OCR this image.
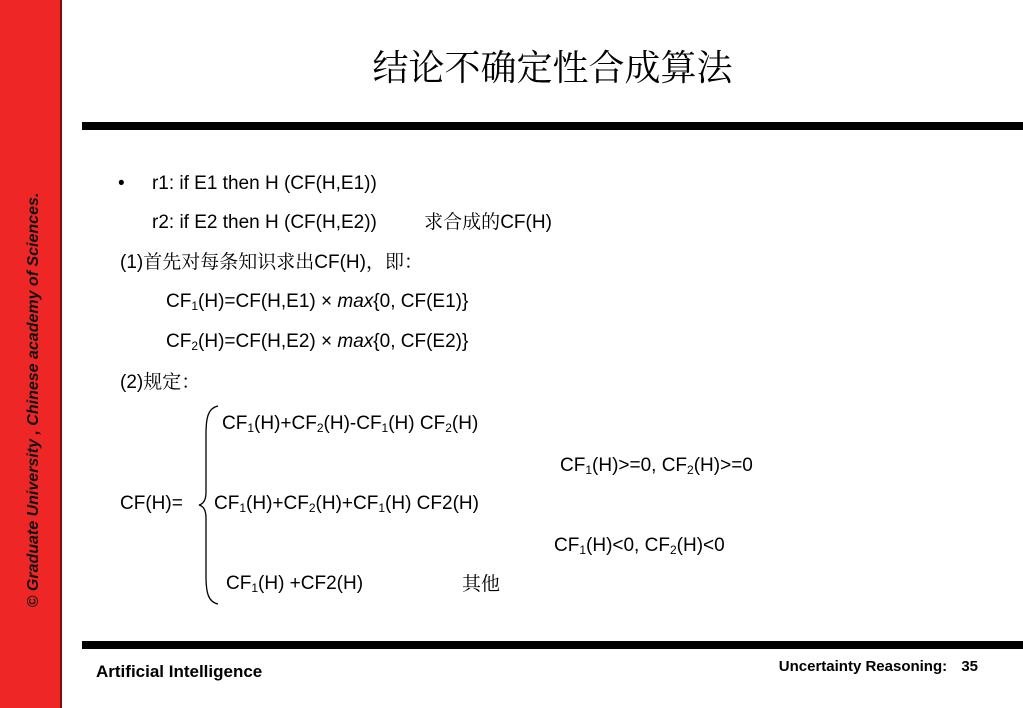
© Graduate University , Chinese academy of Sciences.
结论不确定性合成算法
• r1: if E1 then H (CF(H,E1))
r2: if E2 then H (CF(H,E2)) 求合成的CF(H)
(1)首先对每条知识求出CF(H)，即：
$CF_1(H)=CF(H,E1) \times \max\{0$, CF(E1)}
$CF_2(H)=CF(H,E2) \times \max\{0$, CF(E2)}
(2)规定：
$CF_1(H)+CF_2(H)-CF_1(H)$ $CF_2(H)$
$CF_1(H)>=0$, $CF_2(H)>=0$
$CF(H)= CF_1(H)+CF_2(H)+CF_1(H)$ CF2(H)
$CF_1(H)<0$, $CF_2(H)<0$
$CF_1(H) +CF2(H)$	其他
Artificial Intelligence	Uncertainty Reasoning: 35
